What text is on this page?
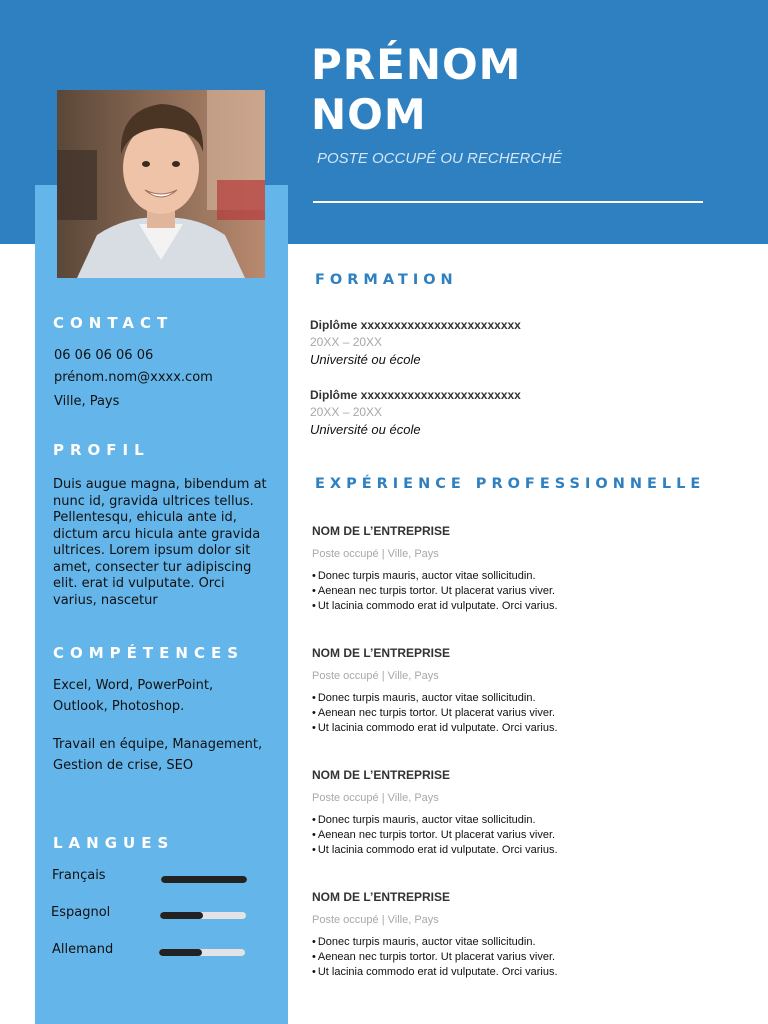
PRÉNOM
NOM
POSTE OCCUPÉ OU RECHERCHÉ
CONTACT
06 06 06 06 06
prénom.nom@xxxx.com
Ville, Pays
PROFIL
Duis augue magna, bibendum at nunc id, gravida ultrices tellus. Pellentesqu, ehicula ante id, dictum arcu hicula ante gravida ultrices. Lorem ipsum dolor sit amet, consecter tur adipiscing elit. erat id vulputate. Orci varius, nascetur
COMPÉTENCES
Excel, Word, PowerPoint, Outlook, Photoshop.
Travail en équipe, Management, Gestion de crise, SEO
LANGUES
Français
Espagnol
Allemand
FORMATION
Diplôme xxxxxxxxxxxxxxxxxxxxxxxx
20XX – 20XX
Université ou école
Diplôme xxxxxxxxxxxxxxxxxxxxxxxx
20XX – 20XX
Université ou école
EXPÉRIENCE PROFESSIONNELLE
NOM DE L’ENTREPRISE
Poste occupé | Ville, Pays
• Donec turpis mauris, auctor vitae sollicitudin.
• Aenean nec turpis tortor. Ut placerat varius viver.
• Ut lacinia commodo erat id vulputate. Orci varius.
NOM DE L’ENTREPRISE
Poste occupé | Ville, Pays
• Donec turpis mauris, auctor vitae sollicitudin.
• Aenean nec turpis tortor. Ut placerat varius viver.
• Ut lacinia commodo erat id vulputate. Orci varius.
NOM DE L’ENTREPRISE
Poste occupé | Ville, Pays
• Donec turpis mauris, auctor vitae sollicitudin.
• Aenean nec turpis tortor. Ut placerat varius viver.
• Ut lacinia commodo erat id vulputate. Orci varius.
NOM DE L’ENTREPRISE
Poste occupé | Ville, Pays
• Donec turpis mauris, auctor vitae sollicitudin.
• Aenean nec turpis tortor. Ut placerat varius viver.
• Ut lacinia commodo erat id vulputate. Orci varius.
